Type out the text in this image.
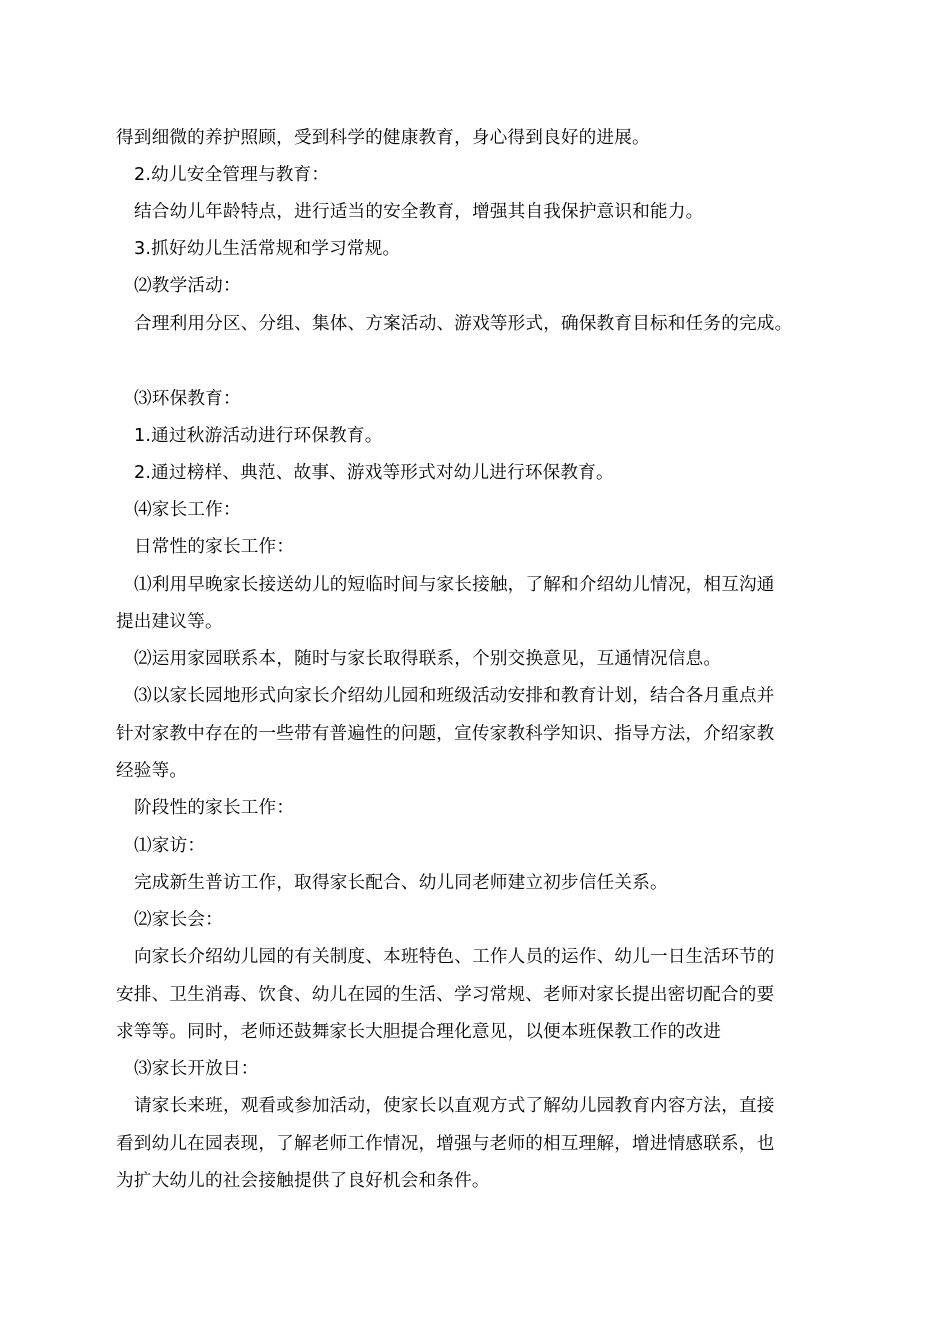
得到细微的养护照顾，受到科学的健康教育，身心得到良好的进展。
2.幼儿安全管理与教育：
结合幼儿年龄特点，进行适当的安全教育，增强其自我保护意识和能力。
3.抓好幼儿生活常规和学习常规。
⑵教学活动：
合理利用分区、分组、集体、方案活动、游戏等形式，确保教育目标和任务的完成。
⑶环保教育：
1.通过秋游活动进行环保教育。
2.通过榜样、典范、故事、游戏等形式对幼儿进行环保教育。
⑷家长工作：
日常性的家长工作：
⑴利用早晚家长接送幼儿的短临时间与家长接触，了解和介绍幼儿情况，相互沟通
提出建议等。
⑵运用家园联系本，随时与家长取得联系，个别交换意见，互通情况信息。
⑶以家长园地形式向家长介绍幼儿园和班级活动安排和教育计划，结合各月重点并
针对家教中存在的一些带有普遍性的问题，宣传家教科学知识、指导方法，介绍家教
经验等。
阶段性的家长工作：
⑴家访：
完成新生普访工作，取得家长配合、幼儿同老师建立初步信任关系。
⑵家长会：
向家长介绍幼儿园的有关制度、本班特色、工作人员的运作、幼儿一日生活环节的
安排、卫生消毒、饮食、幼儿在园的生活、学习常规、老师对家长提出密切配合的要
求等等。同时，老师还鼓舞家长大胆提合理化意见，以便本班保教工作的改进
⑶家长开放日：
请家长来班，观看或参加活动，使家长以直观方式了解幼儿园教育内容方法，直接
看到幼儿在园表现，了解老师工作情况，增强与老师的相互理解，增进情感联系，也
为扩大幼儿的社会接触提供了良好机会和条件。
